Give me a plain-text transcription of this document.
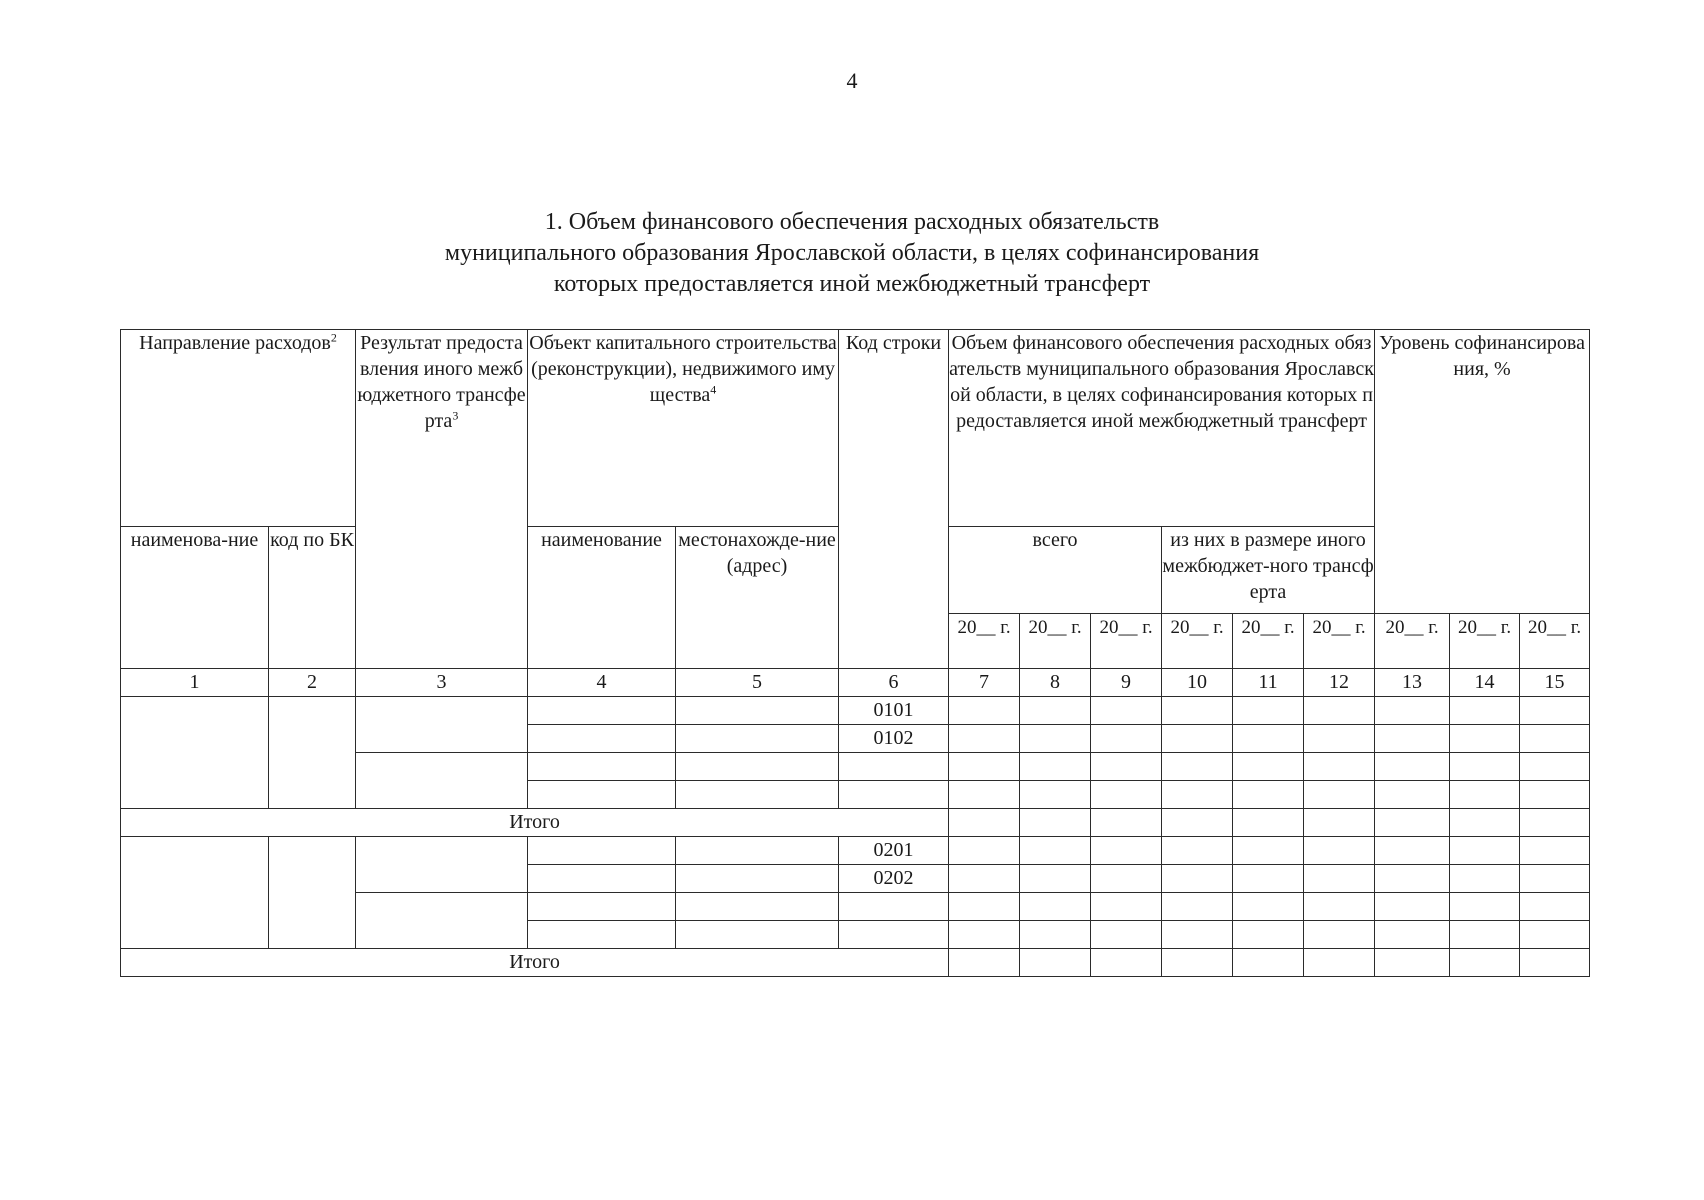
4
1. Объем финансового обеспечения расходных обязательств
муниципального образования Ярославской области, в целях софинансирования
которых предоставляется иной межбюджетный трансферт
Направление расходов$^2$		Результат предоставления иного межбюджетного трансферта$^3$	Объект капитального строительства (реконструкции), недвижимого имущества$^4$		Код строки	Объем финансового обеспечения расходных обязательств муниципального образования Ярославской области, в целях софинансирования которых предоставляется иной межбюджетный трансферт						Уровень софинансирования, %		
наименова-ние	код по БК		наименование	местонахожде-ние (адрес)		всего			из них в размере иного межбюджет-ного трансферта					
						20__ г.	20__ г.	20__ г.	20__ г.	20__ г.	20__ г.	20__ г.	20__ г.	20__ г.
1	2	3	4	5	6	7	8	9	10	11	12	13	14	15
					0101									
					0102									

Итого														
					0201									
					0202									

Итого														
